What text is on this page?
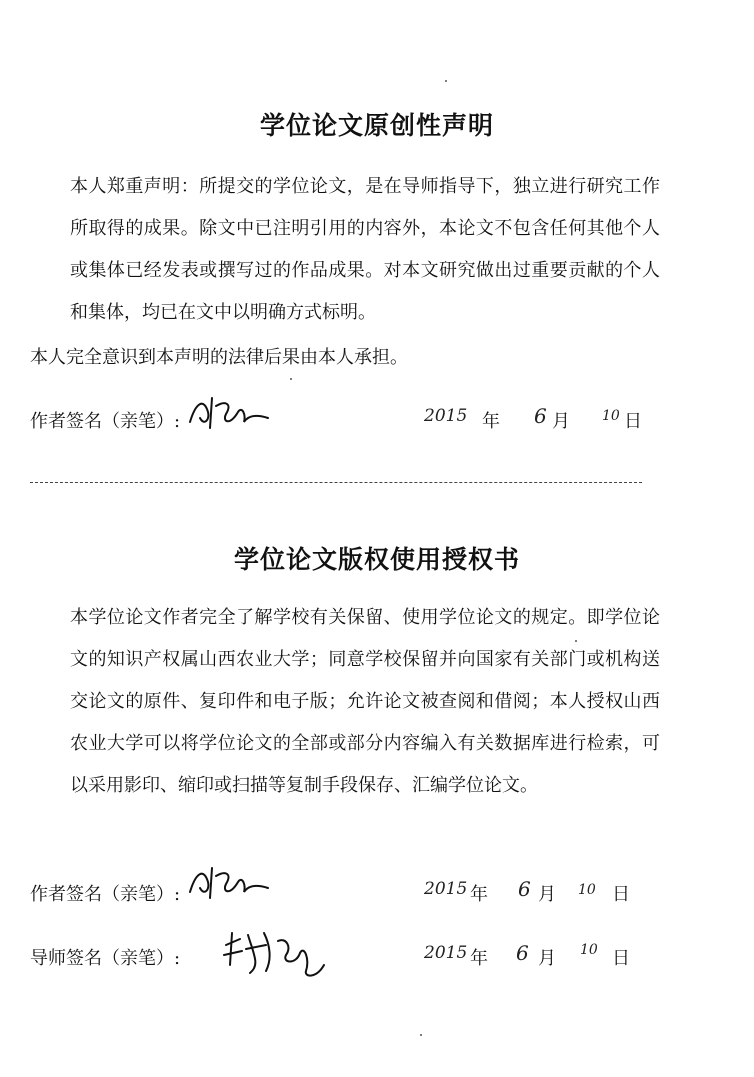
学位论文原创性声明
本人郑重声明：所提交的学位论文，是在导师指导下，独立进行研究工作所取得的成果。除文中已注明引用的内容外，本论文不包含任何其他个人或集体已经发表或撰写过的作品成果。对本文研究做出过重要贡献的个人和集体，均已在文中以明确方式标明。
本人完全意识到本声明的法律后果由本人承担。
作者签名（亲笔）:	2015 年 6 月 10 日
学位论文版权使用授权书
本学位论文作者完全了解学校有关保留、使用学位论文的规定。即学位论文的知识产权属山西农业大学；同意学校保留并向国家有关部门或机构送交论文的原件、复印件和电子版；允许论文被查阅和借阅；本人授权山西农业大学可以将学位论文的全部或部分内容编入有关数据库进行检索，可以采用影印、缩印或扫描等复制手段保存、汇编学位论文。
作者签名（亲笔）:	2015 年 6 月 10 日
导师签名（亲笔）:	2015 年 6 月 10 日
